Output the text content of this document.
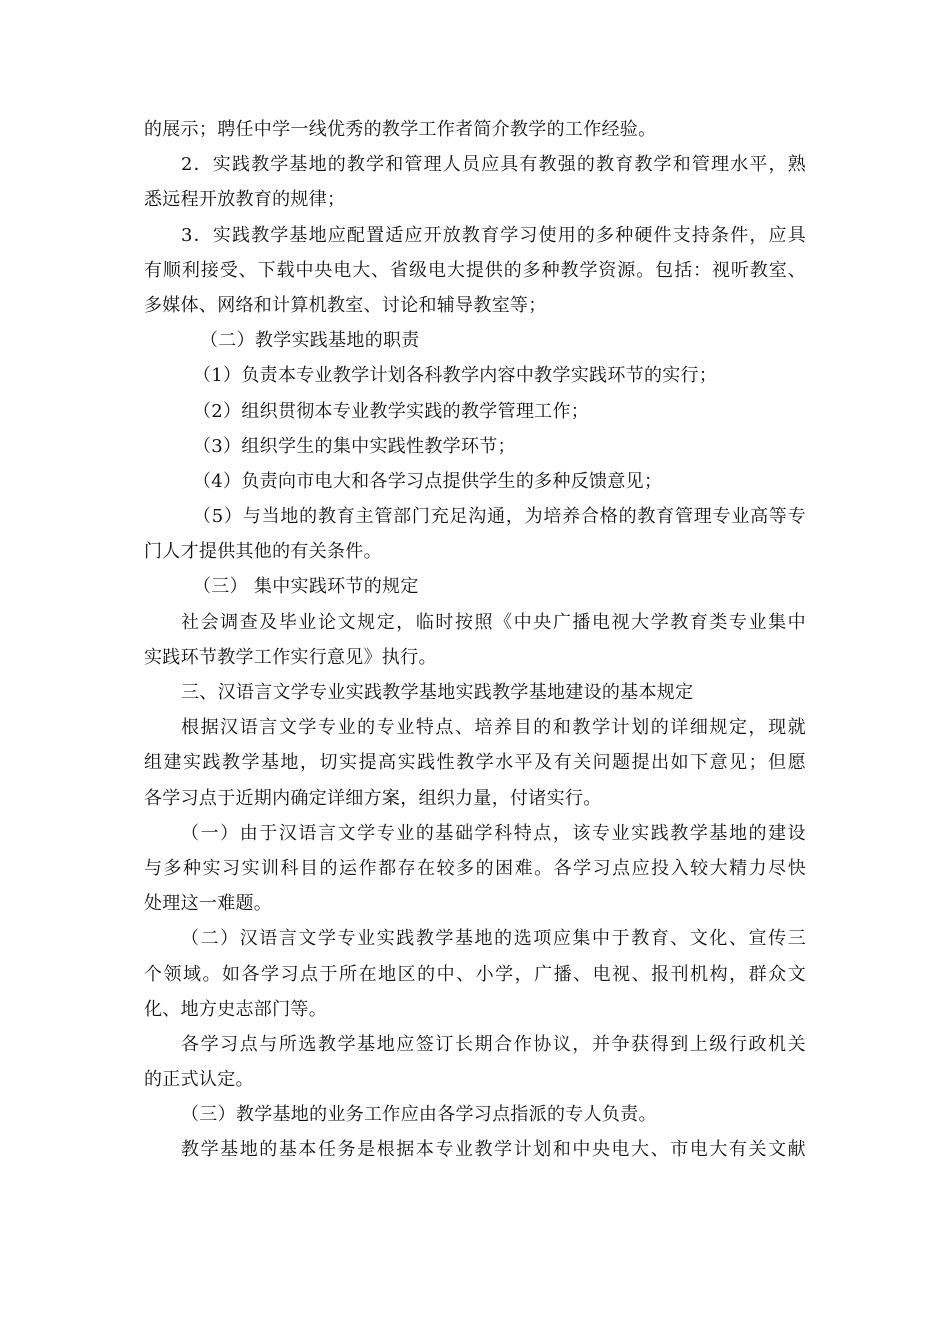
的展示；聘任中学一线优秀的教学工作者简介教学的工作经验。
2．实践教学基地的教学和管理人员应具有教强的教育教学和管理水平，熟
悉远程开放教育的规律；
3．实践教学基地应配置适应开放教育学习使用的多种硬件支持条件，应具
有顺利接受、下载中央电大、省级电大提供的多种教学资源。包括：视听教室、
多媒体、网络和计算机教室、讨论和辅导教室等；
（二）教学实践基地的职责
（1）负责本专业教学计划各科教学内容中教学实践环节的实行；
（2）组织贯彻本专业教学实践的教学管理工作；
（3）组织学生的集中实践性教学环节；
（4）负责向市电大和各学习点提供学生的多种反馈意见；
（5）与当地的教育主管部门充足沟通，为培养合格的教育管理专业高等专
门人才提供其他的有关条件。
（三） 集中实践环节的规定
社会调查及毕业论文规定，临时按照《中央广播电视大学教育类专业集中
实践环节教学工作实行意见》执行。
三、汉语言文学专业实践教学基地实践教学基地建设的基本规定
根据汉语言文学专业的专业特点、培养目的和教学计划的详细规定，现就
组建实践教学基地，切实提高实践性教学水平及有关问题提出如下意见；但愿
各学习点于近期内确定详细方案，组织力量，付诸实行。
（一）由于汉语言文学专业的基础学科特点，该专业实践教学基地的建设
与多种实习实训科目的运作都存在较多的困难。各学习点应投入较大精力尽快
处理这一难题。
（二）汉语言文学专业实践教学基地的选项应集中于教育、文化、宣传三
个领域。如各学习点于所在地区的中、小学，广播、电视、报刊机构，群众文
化、地方史志部门等。
各学习点与所选教学基地应签订长期合作协议，并争获得到上级行政机关
的正式认定。
（三）教学基地的业务工作应由各学习点指派的专人负责。
教学基地的基本任务是根据本专业教学计划和中央电大、市电大有关文献
